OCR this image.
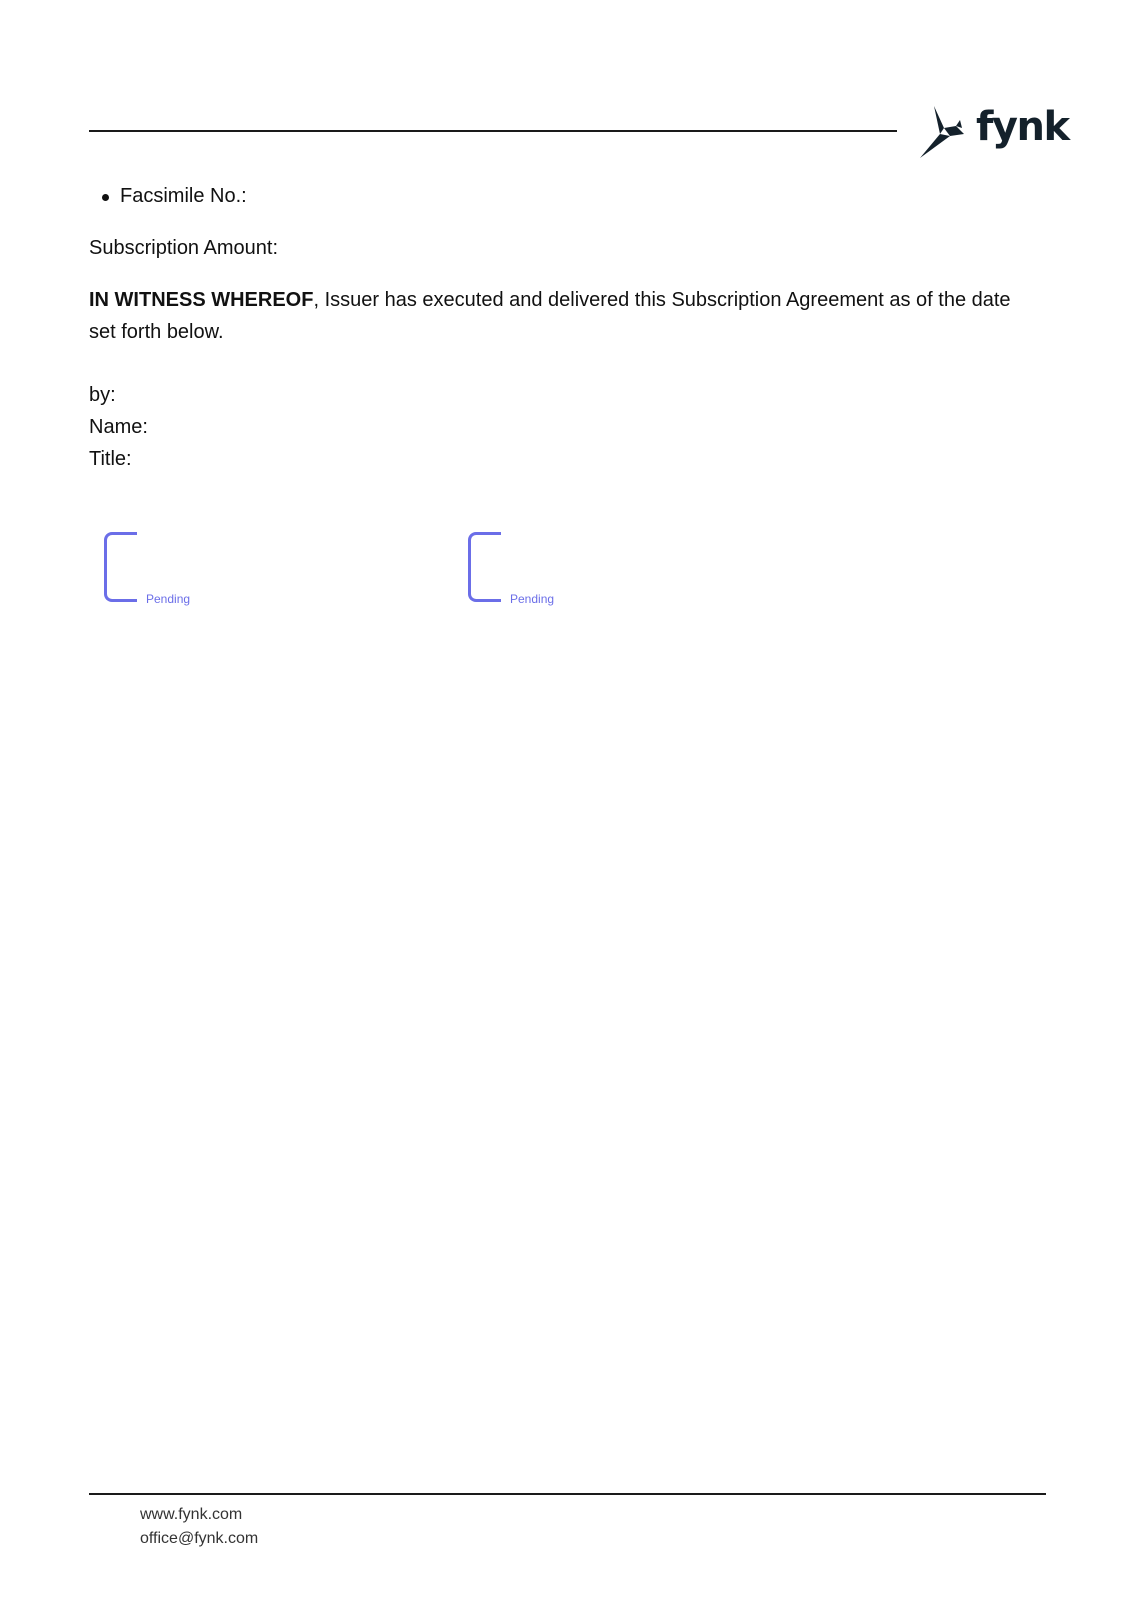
fynk
Facsimile No.:

Subscription Amount:

IN WITNESS WHEREOF, Issuer has executed and delivered this Subscription Agreement as of the date set forth below.

by:
Name:
Title:
Pending	Pending
www.fynk.com
office@fynk.com
